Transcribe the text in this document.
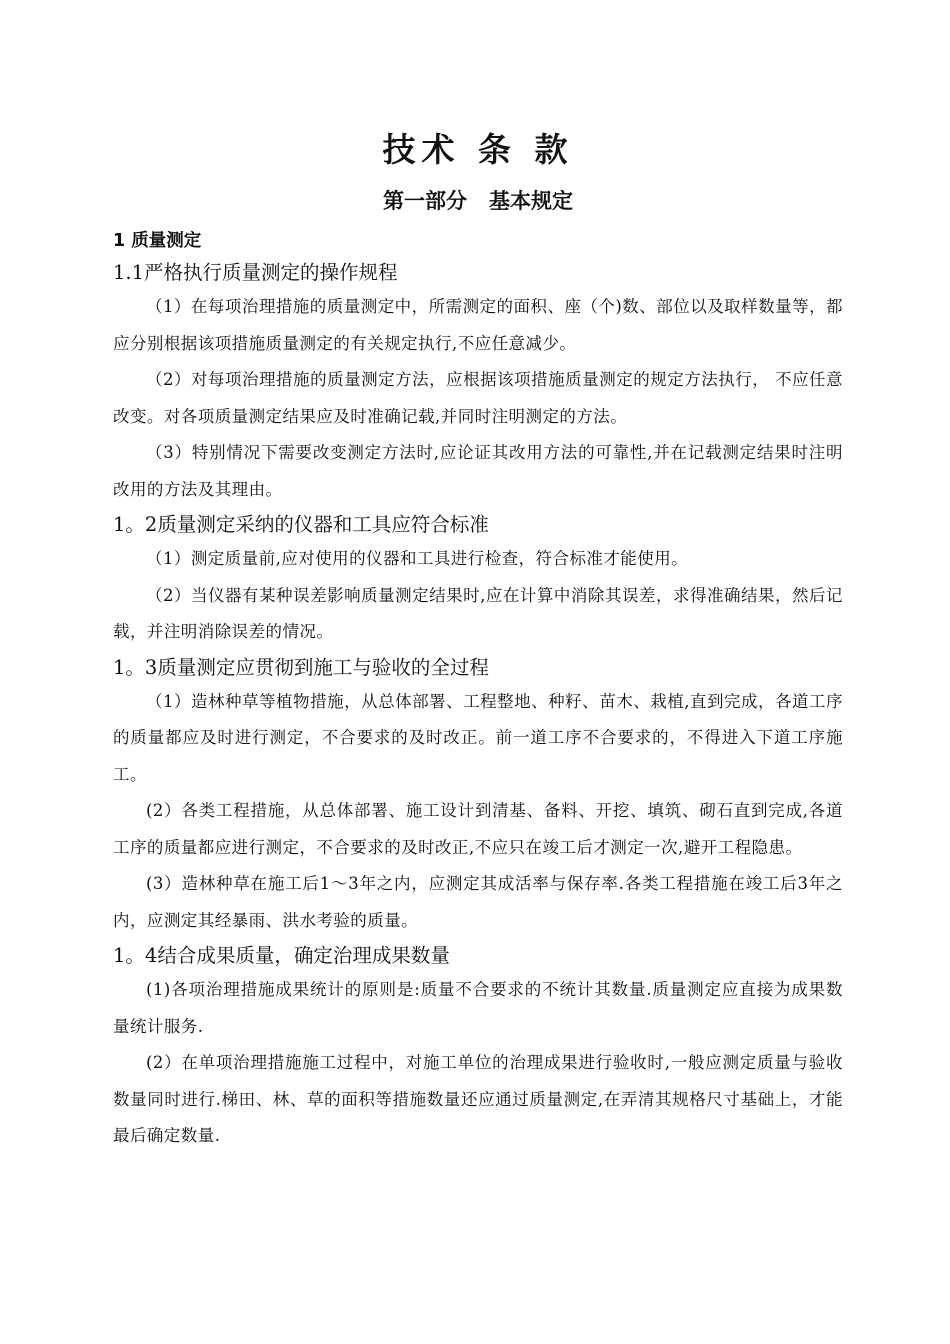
技术 条 款
第一部分   基本规定
1 质量测定

1.1严格执行质量测定的操作规程

（1）在每项治理措施的质量测定中，所需测定的面积、座（个)数、部位以及取样数量等，都应分别根据该项措施质量测定的有关规定执行,不应任意减少。

（2）对每项治理措施的质量测定方法，应根据该项措施质量测定的规定方法执行， 不应任意改变。对各项质量测定结果应及时准确记载,并同时注明测定的方法。

（3）特别情况下需要改变测定方法时,应论证其改用方法的可靠性,并在记载测定结果时注明改用的方法及其理由。

1。2质量测定采纳的仪器和工具应符合标准

（1）测定质量前,应对使用的仪器和工具进行检查，符合标准才能使用。

（2）当仪器有某种误差影响质量测定结果时,应在计算中消除其误差，求得准确结果，然后记载，并注明消除误差的情况。

1。3质量测定应贯彻到施工与验收的全过程

（1）造林种草等植物措施，从总体部署、工程整地、种籽、苗木、栽植,直到完成，各道工序的质量都应及时进行测定，不合要求的及时改正。前一道工序不合要求的，不得进入下道工序施工。

(2）各类工程措施，从总体部署、施工设计到清基、备料、开挖、填筑、砌石直到完成,各道工序的质量都应进行测定，不合要求的及时改正,不应只在竣工后才测定一次,避开工程隐患。

(3）造林种草在施工后1～3年之内，应测定其成活率与保存率.各类工程措施在竣工后3年之内，应测定其经暴雨、洪水考验的质量。

1。4结合成果质量，确定治理成果数量

(1)各项治理措施成果统计的原则是:质量不合要求的不统计其数量.质量测定应直接为成果数量统计服务.

(2）在单项治理措施施工过程中，对施工单位的治理成果进行验收时,一般应测定质量与验收数量同时进行.梯田、林、草的面积等措施数量还应通过质量测定,在弄清其规格尺寸基础上，才能最后确定数量.
